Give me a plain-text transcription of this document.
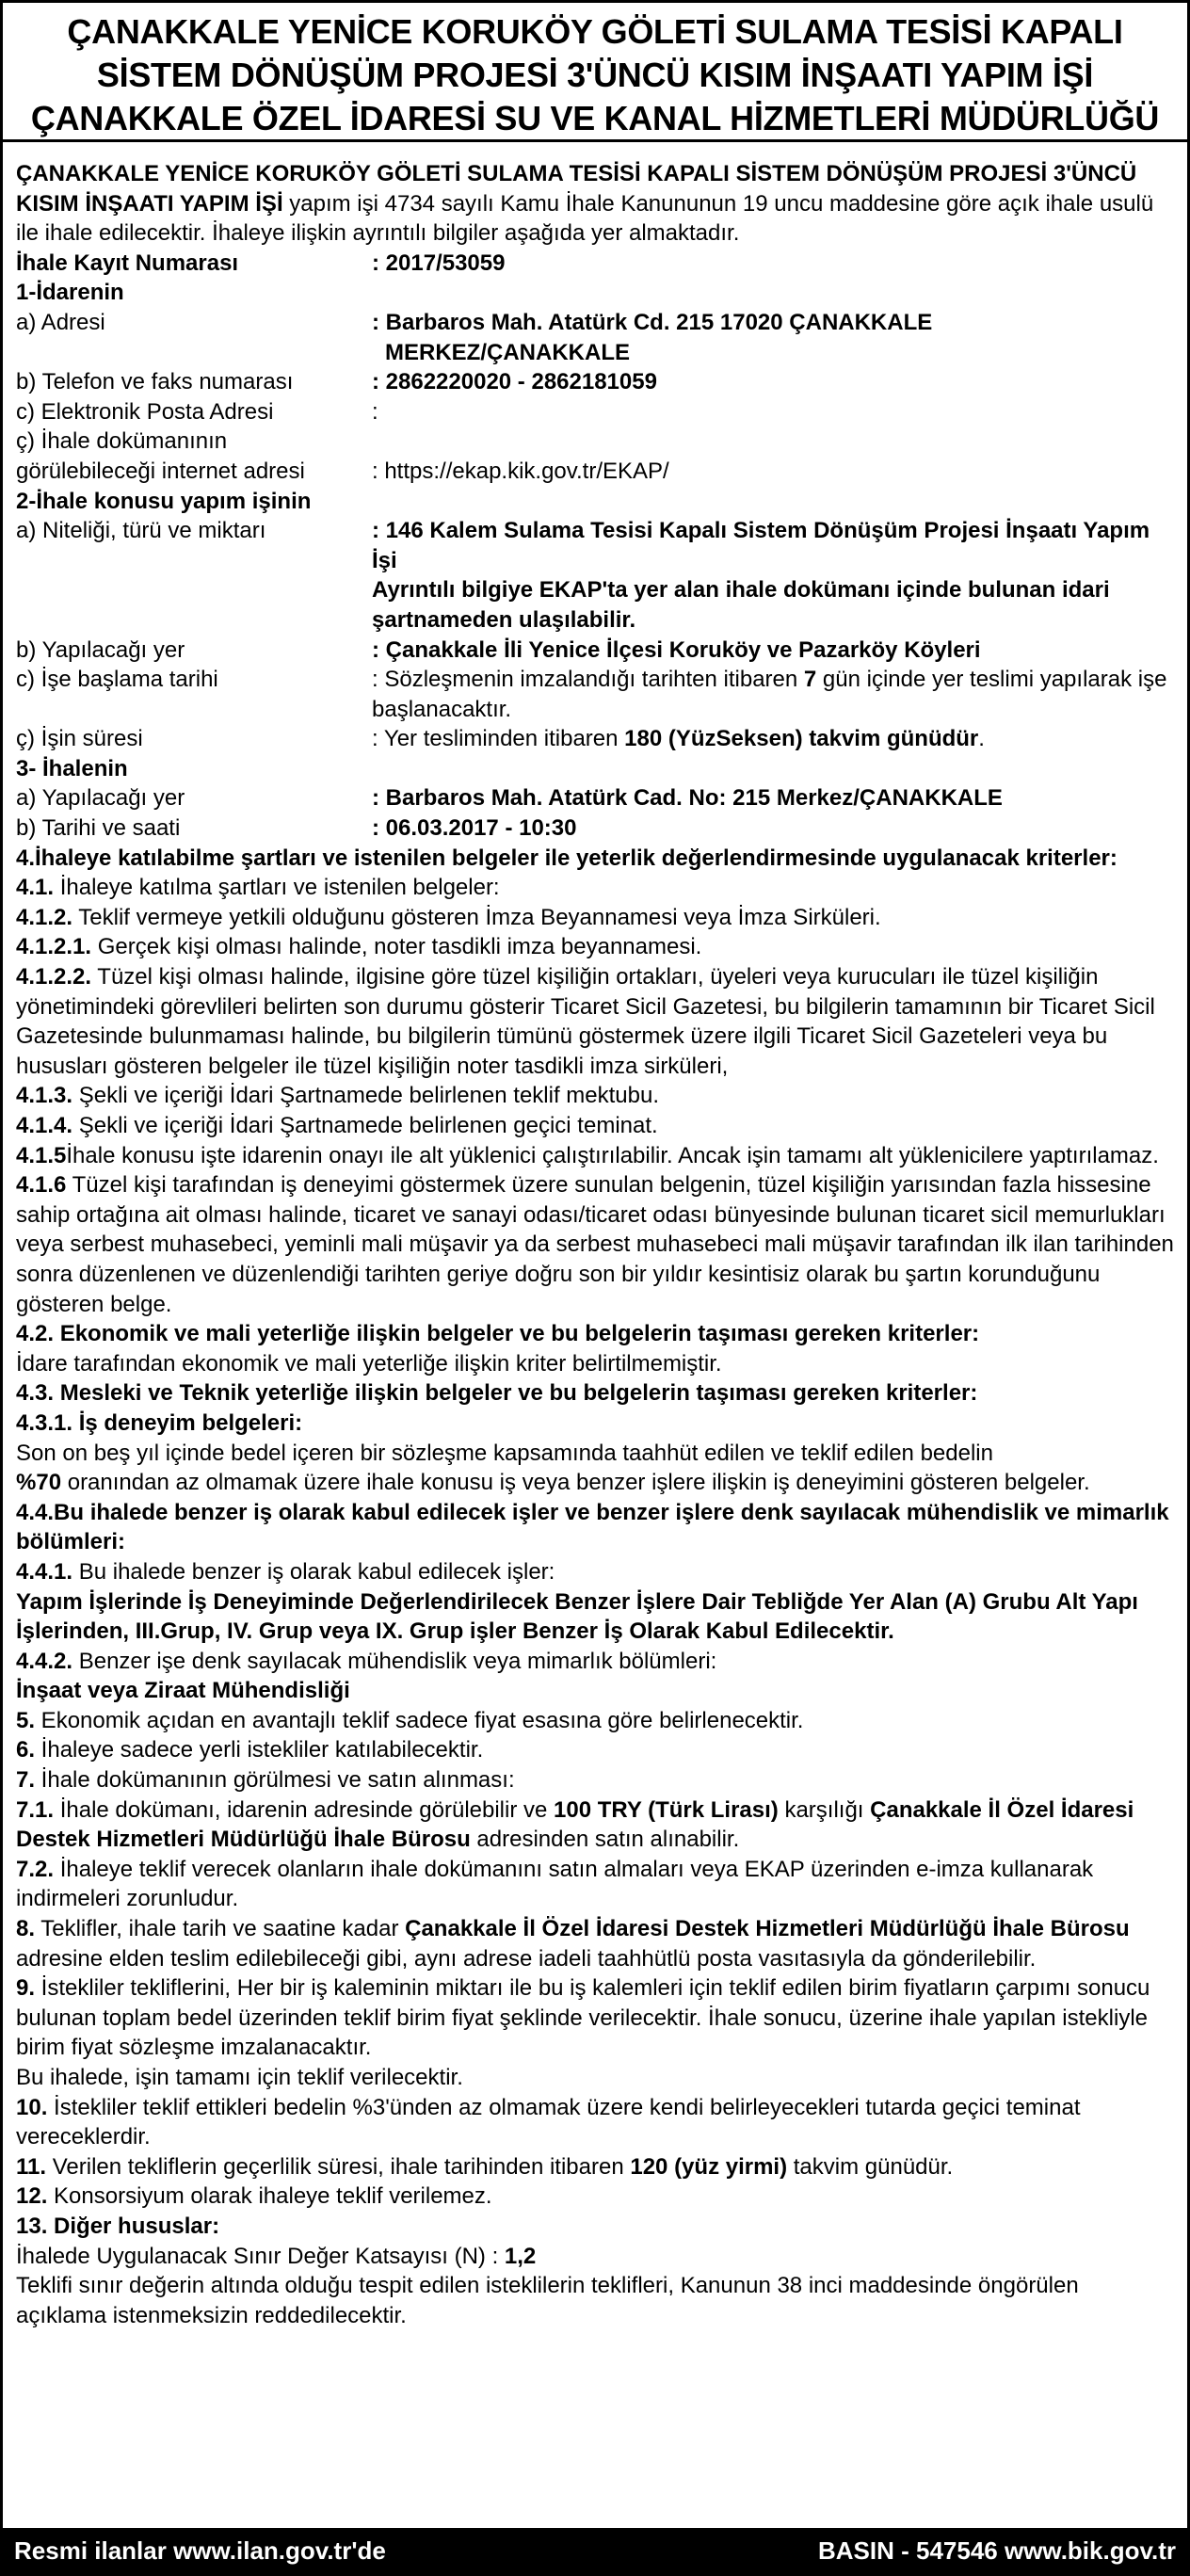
ÇANAKKALE YENİCE KORUKÖY GÖLETİ SULAMA TESİSİ KAPALI
SİSTEM DÖNÜŞÜM PROJESİ 3'ÜNCÜ KISIM İNŞAATI YAPIM İŞİ
ÇANAKKALE ÖZEL İDARESİ SU VE KANAL HİZMETLERİ MÜDÜRLÜĞÜ

ÇANAKKALE YENİCE KORUKÖY GÖLETİ SULAMA TESİSİ KAPALI SİSTEM DÖNÜŞÜM PROJESİ 3'ÜNCÜ KISIM İNŞAATI YAPIM İŞİ yapım işi 4734 sayılı Kamu İhale Kanununun 19 uncu maddesine göre açık ihale usulü ile ihale edilecektir. İhaleye ilişkin ayrıntılı bilgiler aşağıda yer almaktadır.

İhale Kayıt Numarası	: 2017/53059

1-İdarenin

a) Adresi	: Barbaros Mah. Atatürk Cd. 215 17020 ÇANAKKALE
MERKEZ/ÇANAKKALE
b) Telefon ve faks numarası	: 2862220020 - 2862181059
c) Elektronik Posta Adresi	:

ç) İhale dokümanının

görülebileceği internet adresi	: https://ekap.kik.gov.tr/EKAP/

2-İhale konusu yapım işinin

a) Niteliği, türü ve miktarı	: 146 Kalem Sulama Tesisi Kapalı Sistem Dönüşüm Projesi İnşaatı Yapım İşi
Ayrıntılı bilgiye EKAP'ta yer alan ihale dokümanı içinde bulunan idari şartnameden ulaşılabilir.
b) Yapılacağı yer	: Çanakkale İli Yenice İlçesi Koruköy ve Pazarköy Köyleri
c) İşe başlama tarihi	: Sözleşmenin imzalandığı tarihten itibaren 7 gün içinde yer teslimi yapılarak işe başlanacaktır.
ç) İşin süresi	: Yer tesliminden itibaren 180 (YüzSeksen) takvim günüdür.

3- İhalenin

a) Yapılacağı yer	: Barbaros Mah. Atatürk Cad. No: 215 Merkez/ÇANAKKALE
b) Tarihi ve saati	: 06.03.2017 - 10:30

4.İhaleye katılabilme şartları ve istenilen belgeler ile yeterlik değerlendirmesinde uygulanacak kriterler:

4.1. İhaleye katılma şartları ve istenilen belgeler:

4.1.2. Teklif vermeye yetkili olduğunu gösteren İmza Beyannamesi veya İmza Sirküleri.

4.1.2.1. Gerçek kişi olması halinde, noter tasdikli imza beyannamesi.

4.1.2.2. Tüzel kişi olması halinde, ilgisine göre tüzel kişiliğin ortakları, üyeleri veya kurucuları ile tüzel kişiliğin yönetimindeki görevlileri belirten son durumu gösterir Ticaret Sicil Gazetesi, bu bilgilerin tamamının bir Ticaret Sicil Gazetesinde bulunmaması halinde, bu bilgilerin tümünü göstermek üzere ilgili Ticaret Sicil Gazeteleri veya bu hususları gösteren belgeler ile tüzel kişiliğin noter tasdikli imza sirküleri,

4.1.3. Şekli ve içeriği İdari Şartnamede belirlenen teklif mektubu.

4.1.4. Şekli ve içeriği İdari Şartnamede belirlenen geçici teminat.

4.1.5İhale konusu işte idarenin onayı ile alt yüklenici çalıştırılabilir. Ancak işin tamamı alt yüklenicilere yaptırılamaz.

4.1.6 Tüzel kişi tarafından iş deneyimi göstermek üzere sunulan belgenin, tüzel kişiliğin yarısından fazla hissesine sahip ortağına ait olması halinde, ticaret ve sanayi odası/ticaret odası bünyesinde bulunan ticaret sicil memurlukları veya serbest muhasebeci, yeminli mali müşavir ya da serbest muhasebeci mali müşavir tarafından ilk ilan tarihinden sonra düzenlenen ve düzenlendiği tarihten geriye doğru son bir yıldır kesintisiz olarak bu şartın korunduğunu gösteren belge.

4.2. Ekonomik ve mali yeterliğe ilişkin belgeler ve bu belgelerin taşıması gereken kriterler:

İdare tarafından ekonomik ve mali yeterliğe ilişkin kriter belirtilmemiştir.

4.3. Mesleki ve Teknik yeterliğe ilişkin belgeler ve bu belgelerin taşıması gereken kriterler:

4.3.1. İş deneyim belgeleri:

Son on beş yıl içinde bedel içeren bir sözleşme kapsamında taahhüt edilen ve teklif edilen bedelin

%70 oranından az olmamak üzere ihale konusu iş veya benzer işlere ilişkin iş deneyimini gösteren belgeler.

4.4.Bu ihalede benzer iş olarak kabul edilecek işler ve benzer işlere denk sayılacak mühendislik ve mimarlık bölümleri:

4.4.1. Bu ihalede benzer iş olarak kabul edilecek işler:

Yapım İşlerinde İş Deneyiminde Değerlendirilecek Benzer İşlere Dair Tebliğde Yer Alan (A) Grubu Alt Yapı İşlerinden, III.Grup, IV. Grup veya IX. Grup işler Benzer İş Olarak Kabul Edilecektir.

4.4.2. Benzer işe denk sayılacak mühendislik veya mimarlık bölümleri:

İnşaat veya Ziraat Mühendisliği

5. Ekonomik açıdan en avantajlı teklif sadece fiyat esasına göre belirlenecektir.

6. İhaleye sadece yerli istekliler katılabilecektir.

7. İhale dokümanının görülmesi ve satın alınması:

7.1. İhale dokümanı, idarenin adresinde görülebilir ve 100 TRY (Türk Lirası) karşılığı Çanakkale İl Özel İdaresi Destek Hizmetleri Müdürlüğü İhale Bürosu adresinden satın alınabilir.

7.2. İhaleye teklif verecek olanların ihale dokümanını satın almaları veya EKAP üzerinden e-imza kullanarak indirmeleri zorunludur.

8. Teklifler, ihale tarih ve saatine kadar Çanakkale İl Özel İdaresi Destek Hizmetleri Müdürlüğü İhale Bürosu adresine elden teslim edilebileceği gibi, aynı adrese iadeli taahhütlü posta vasıtasıyla da gönderilebilir.

9. İstekliler tekliflerini, Her bir iş kaleminin miktarı ile bu iş kalemleri için teklif edilen birim fiyatların çarpımı sonucu bulunan toplam bedel üzerinden teklif birim fiyat şeklinde verilecektir. İhale sonucu, üzerine ihale yapılan istekliyle birim fiyat sözleşme imzalanacaktır.

Bu ihalede, işin tamamı için teklif verilecektir.

10. İstekliler teklif ettikleri bedelin %3'ünden az olmamak üzere kendi belirleyecekleri tutarda geçici teminat vereceklerdir.

11. Verilen tekliflerin geçerlilik süresi, ihale tarihinden itibaren 120 (yüz yirmi) takvim günüdür.

12. Konsorsiyum olarak ihaleye teklif verilemez.

13. Diğer hususlar:

İhalede Uygulanacak Sınır Değer Katsayısı (N) : 1,2

Teklifi sınır değerin altında olduğu tespit edilen isteklilerin teklifleri, Kanunun 38 inci maddesinde öngörülen açıklama istenmeksizin reddedilecektir.

Resmi ilanlar www.ilan.gov.tr'de	BASIN - 547546 www.bik.gov.tr
